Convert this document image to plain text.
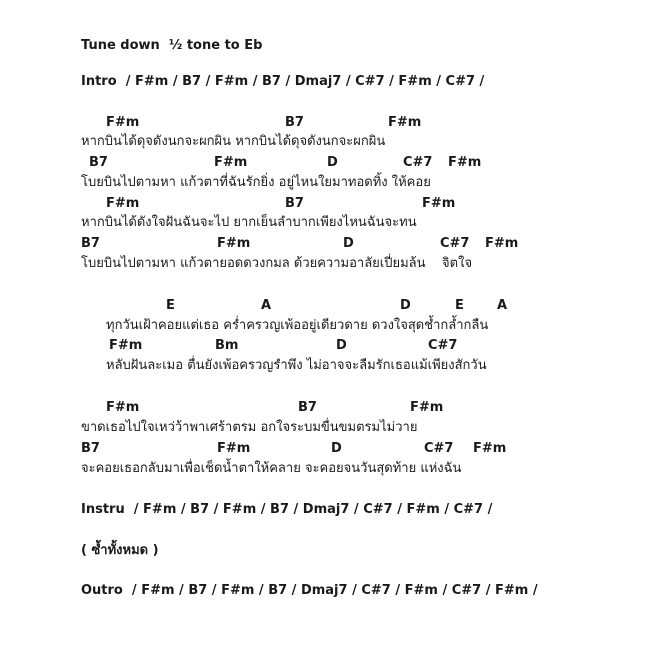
Tune down  ½ tone to Eb
Intro  / F#m / B7 / F#m / B7 / Dmaj7 / C#7 / F#m / C#7 /
F#m	B7	F#m
หากบินได้ดุจดังนกจะผกผิน หากบินได้ดุจดังนกจะผกผิน
B7	F#m	D	C#7 F#m
โบยบินไปตามหา แก้วตาที่ฉันรักยิ่ง อยู่ไหนใยมาทอดทิ้ง ให้คอย
F#m	B7	F#m
หากบินได้ดังใจฝันฉันจะไป ยากเย็นลำบากเพียงไหนฉันจะทน
B7	F#m	D	C#7 F#m
โบยบินไปตามหา แก้วตายอดดวงกมล ด้วยความอาลัยเปี่ยมล้น    จิตใจ
E	A	D	E	A
ทุกวันเฝ้าคอยแต่เธอ คร่ำครวญเพ้ออยู่เดียวดาย ดวงใจสุดช้ำกล้ำกลืน
F#m	Bm	D	C#7
หลับฝันละเมอ ตื่นยังเพ้อครวญรำพึง ไม่อาจจะลืมรักเธอแม้เพียงสักวัน
F#m	B7	F#m
ขาดเธอไปใจเหว่ว้าพาเศร้าตรม อกใจระบมขื่นขมตรมไม่วาย
B7	F#m	D	C#7 F#m
จะคอยเธอกลับมาเพื่อเช็ดน้ำตาให้คลาย จะคอยจนวันสุดท้าย แห่งฉัน
Instru  / F#m / B7 / F#m / B7 / Dmaj7 / C#7 / F#m / C#7 /
( ซ้ำทั้งหมด )
Outro  / F#m / B7 / F#m / B7 / Dmaj7 / C#7 / F#m / C#7 / F#m /
